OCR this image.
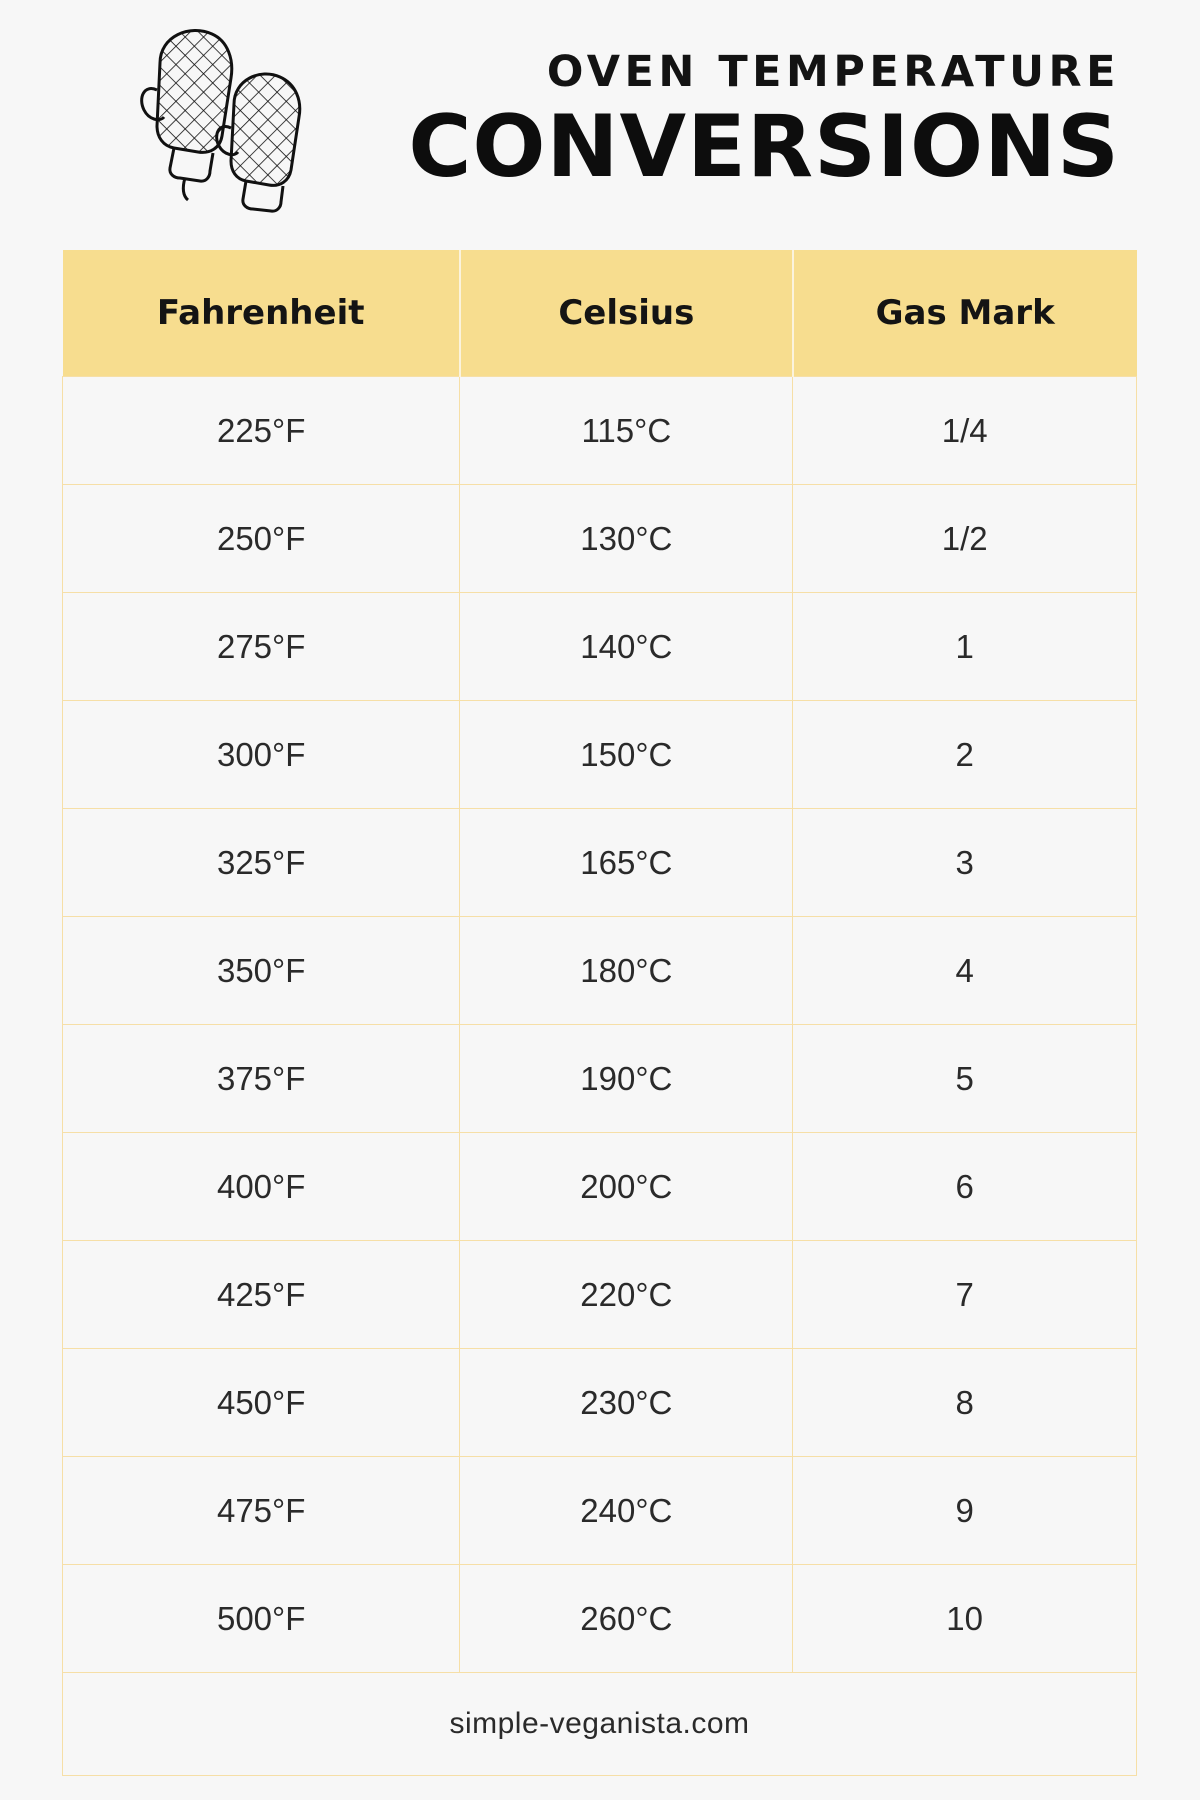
OVEN TEMPERATURE
CONVERSIONS
Fahrenheit	Celsius	Gas Mark
225°F	115°C	1/4
250°F	130°C	1/2
275°F	140°C	1
300°F	150°C	2
325°F	165°C	3
350°F	180°C	4
375°F	190°C	5
400°F	200°C	6
425°F	220°C	7
450°F	230°C	8
475°F	240°C	9
500°F	260°C	10
simple-veganista.com		
